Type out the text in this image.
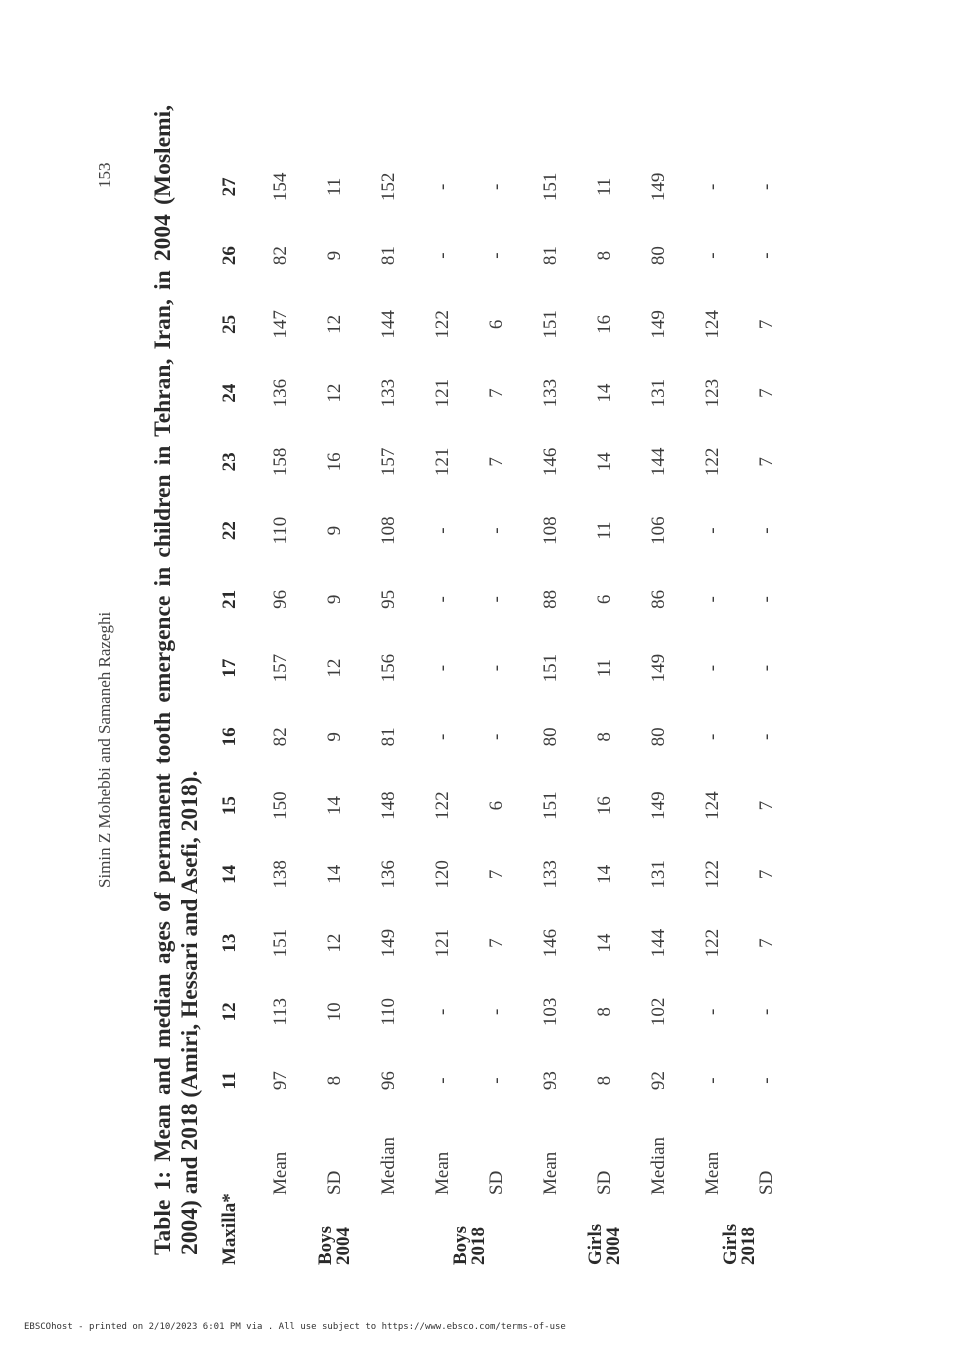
153
Simin Z Mohebbi and Samaneh Razeghi Table 1: Mean and median ages of permanent tooth emergence in children in Tehran, Iran, in 2004 (Moslemi, 2004) and 2018 (Amiri, Hessari and Asefi, 2018). Maxilla*		11	12	13	14	15	16	17	21	22	23	24	25	26	27
Boys 2004	Mean	97	113	151	138	150	82	157	96	110	158	136	147	82	154
	SD	8	10	12	14	14	9	12	9	9	16	12	12	9	11
	Median	96	110	149	136	148	81	156	95	108	157	133	144	81	152
Boys 2018	Mean	-	-	121	120	122	-	-	-	-	121	121	122	-	-
	SD	-	-	7	7	6	-	-	-	-	7	7	6	-	-
Girls 2004	Mean	93	103	146	133	151	80	151	88	108	146	133	151	81	151
	SD	8	8	14	14	16	8	11	6	11	14	14	16	8	11
	Median	92	102	144	131	149	80	149	86	106	144	131	149	80	149
Girls 2018	Mean	-	-	122	122	124	-	-	-	-	122	123	124	-	-
	SD	-	-	7	7	7	-	-	-	-	7	7	7	-	-
EBSCOhost - printed on 2/10/2023 6:01 PM via . All use subject to https://www.ebsco.com/terms-of-use
